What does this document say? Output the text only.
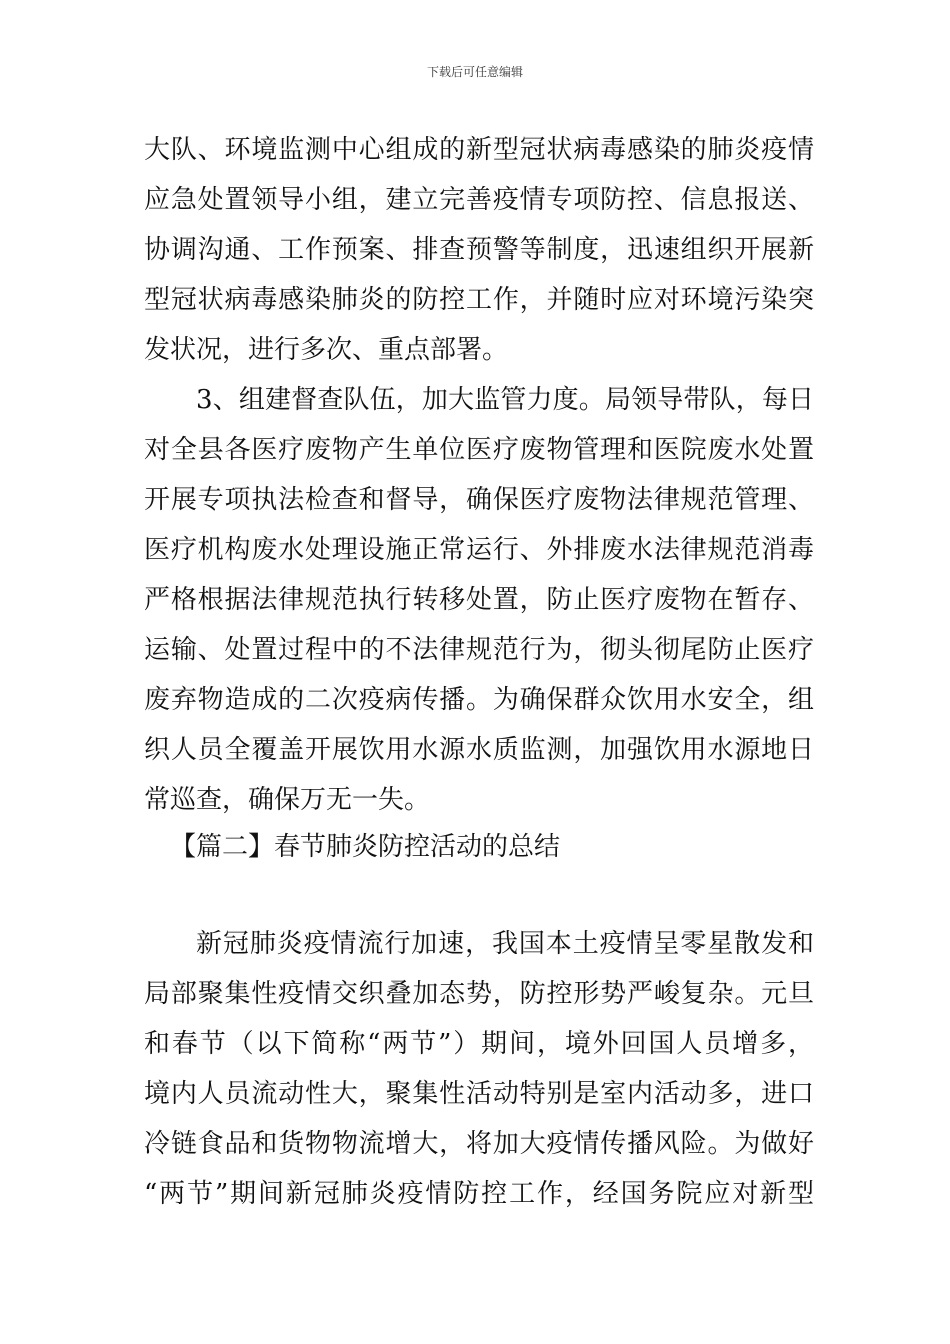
下载后可任意编辑
大队、环境监测中心组成的新型冠状病毒感染的肺炎疫情
应急处置领导小组，建立完善疫情专项防控、信息报送、
协调沟通、工作预案、排查预警等制度，迅速组织开展新
型冠状病毒感染肺炎的防控工作，并随时应对环境污染突
发状况，进行多次、重点部署。
3、组建督查队伍，加大监管力度。局领导带队，每日
对全县各医疗废物产生单位医疗废物管理和医院废水处置
开展专项执法检查和督导，确保医疗废物法律规范管理、
医疗机构废水处理设施正常运行、外排废水法律规范消毒
严格根据法律规范执行转移处置，防止医疗废物在暂存、
运输、处置过程中的不法律规范行为，彻头彻尾防止医疗
废弃物造成的二次疫病传播。为确保群众饮用水安全，组
织人员全覆盖开展饮用水源水质监测，加强饮用水源地日
常巡查，确保万无一失。
【篇二】春节肺炎防控活动的总结
新冠肺炎疫情流行加速，我国本土疫情呈零星散发和
局部聚集性疫情交织叠加态势，防控形势严峻复杂。元旦
和春节（以下简称“两节”）期间，境外回国人员增多，
境内人员流动性大，聚集性活动特别是室内活动多，进口
冷链食品和货物物流增大，将加大疫情传播风险。为做好
“两节”期间新冠肺炎疫情防控工作，经国务院应对新型
